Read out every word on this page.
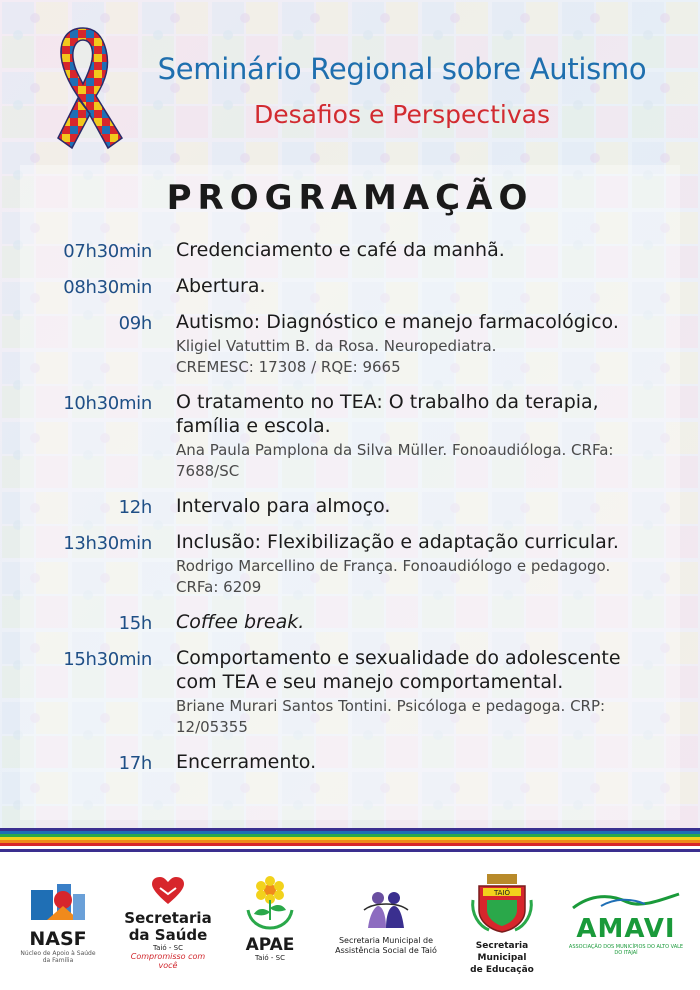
Seminário Regional sobre Autismo
Desafios e Perspectivas
PROGRAMAÇÃO
07h30min Credenciamento e café da manhã.
08h30min Abertura.
09h Autismo: Diagnóstico e manejo farmacológico.
Kligiel Vatuttim B. da Rosa. Neuropediatra. CREMESC: 17308 / RQE: 9665
10h30min O tratamento no TEA: O trabalho da terapia, família e escola.
Ana Paula Pamplona da Silva Müller. Fonoaudióloga. CRFa: 7688/SC
12h Intervalo para almoço.
13h30min Inclusão: Flexibilização e adaptação curricular.
Rodrigo Marcellino de França. Fonoaudiólogo e pedagogo. CRFa: 6209
15h Coffee break.
15h30min Comportamento e sexualidade do adolescente com TEA e seu manejo comportamental.
Briane Murari Santos Tontini. Psicóloga e pedagoga. CRP: 12/05355
17h Encerramento.
NASF
Núcleo de Apoio à Saúde da Família
Secretaria
da Saúde
Taió - SC
Compromisso com você
APAE
Taió - SC
Secretaria Municipal de
Assistência Social de Taió
TAIÓ
Secretaria Municipal
de Educação
AMAVI
ASSOCIAÇÃO DOS MUNICÍPIOS DO ALTO VALE DO ITAJAÍ
